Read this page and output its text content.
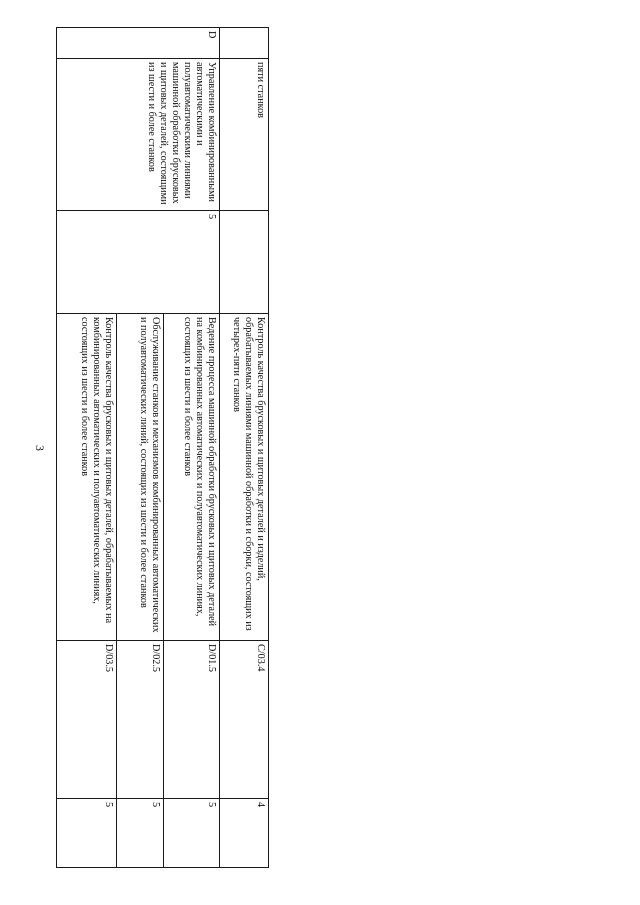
3
	пяти станков		Контроль качества брусковых и щитовых деталей и изделий, обрабатываемых линиями машинной обработки и сборки, состоящих из четырех-пяти станков	C/03.4	4
D	Управление комбинированными автоматическими и полуавтоматическими линиями машинной обработки брусковых и щитовых деталей, состоящими из шести и более станков	5	Ведение процесса машинной обработки брусковых и щитовых деталей на комбинированных автоматических и полуавтоматических линиях, состоящих из шести и более станков	D/01.5	5
			Обслуживание станков и механизмов комбинированных автоматических и полуавтоматических линий, состоящих из шести и более станков	D/02.5	5
			Контроль качества брусковых и щитовых деталей, обрабатываемых на комбинированных автоматических и полуавтоматических линиях, состоящих из шести и более станков	D/03.5	5
